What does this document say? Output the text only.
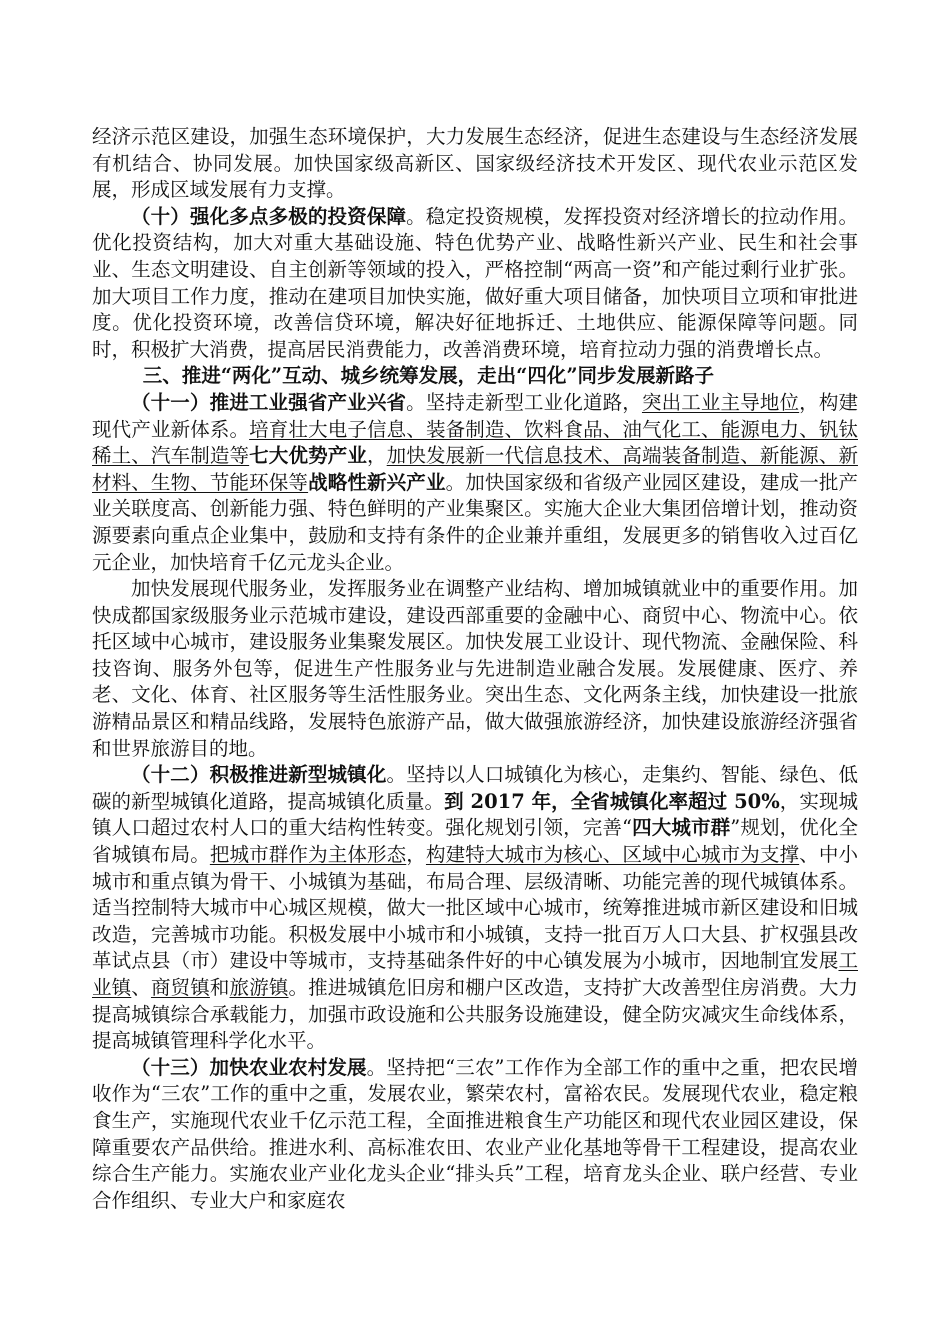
经济示范区建设，加强生态环境保护，大力发展生态经济，促进生态建设与生态经济发展有机结合、协同发展。加快国家级高新区、国家级经济技术开发区、现代农业示范区发展，形成区域发展有力支撑。

（十）强化多点多极的投资保障。稳定投资规模，发挥投资对经济增长的拉动作用。优化投资结构，加大对重大基础设施、特色优势产业、战略性新兴产业、民生和社会事业、生态文明建设、自主创新等领域的投入，严格控制“两高一资”和产能过剩行业扩张。加大项目工作力度，推动在建项目加快实施，做好重大项目储备，加快项目立项和审批进度。优化投资环境，改善信贷环境，解决好征地拆迁、土地供应、能源保障等问题。同时，积极扩大消费，提高居民消费能力，改善消费环境，培育拉动力强的消费增长点。

三、推进“两化”互动、城乡统筹发展，走出“四化”同步发展新路子

（十一）推进工业强省产业兴省。坚持走新型工业化道路，突出工业主导地位，构建现代产业新体系。培育壮大电子信息、装备制造、饮料食品、油气化工、能源电力、钒钛稀土、汽车制造等七大优势产业，加快发展新一代信息技术、高端装备制造、新能源、新材料、生物、节能环保等战略性新兴产业。加快国家级和省级产业园区建设，建成一批产业关联度高、创新能力强、特色鲜明的产业集聚区。实施大企业大集团倍增计划，推动资源要素向重点企业集中，鼓励和支持有条件的企业兼并重组，发展更多的销售收入过百亿元企业，加快培育千亿元龙头企业。

加快发展现代服务业，发挥服务业在调整产业结构、增加城镇就业中的重要作用。加快成都国家级服务业示范城市建设，建设西部重要的金融中心、商贸中心、物流中心。依托区域中心城市，建设服务业集聚发展区。加快发展工业设计、现代物流、金融保险、科技咨询、服务外包等，促进生产性服务业与先进制造业融合发展。发展健康、医疗、养老、文化、体育、社区服务等生活性服务业。突出生态、文化两条主线，加快建设一批旅游精品景区和精品线路，发展特色旅游产品，做大做强旅游经济，加快建设旅游经济强省和世界旅游目的地。

（十二）积极推进新型城镇化。坚持以人口城镇化为核心，走集约、智能、绿色、低碳的新型城镇化道路，提高城镇化质量。到 2017 年，全省城镇化率超过 50%，实现城镇人口超过农村人口的重大结构性转变。强化规划引领，完善“四大城市群”规划，优化全省城镇布局。把城市群作为主体形态，构建特大城市为核心、区域中心城市为支撑、中小城市和重点镇为骨干、小城镇为基础，布局合理、层级清晰、功能完善的现代城镇体系。适当控制特大城市中心城区规模，做大一批区域中心城市，统筹推进城市新区建设和旧城改造，完善城市功能。积极发展中小城市和小城镇，支持一批百万人口大县、扩权强县改革试点县（市）建设中等城市，支持基础条件好的中心镇发展为小城市，因地制宜发展工业镇、商贸镇和旅游镇。推进城镇危旧房和棚户区改造，支持扩大改善型住房消费。大力提高城镇综合承载能力，加强市政设施和公共服务设施建设，健全防灾减灾生命线体系，提高城镇管理科学化水平。

（十三）加快农业农村发展。坚持把“三农”工作作为全部工作的重中之重，把农民增收作为“三农”工作的重中之重，发展农业，繁荣农村，富裕农民。发展现代农业，稳定粮食生产，实施现代农业千亿示范工程，全面推进粮食生产功能区和现代农业园区建设，保障重要农产品供给。推进水利、高标准农田、农业产业化基地等骨干工程建设，提高农业综合生产能力。实施农业产业化龙头企业“排头兵”工程，培育龙头企业、联户经营、专业合作组织、专业大户和家庭农
